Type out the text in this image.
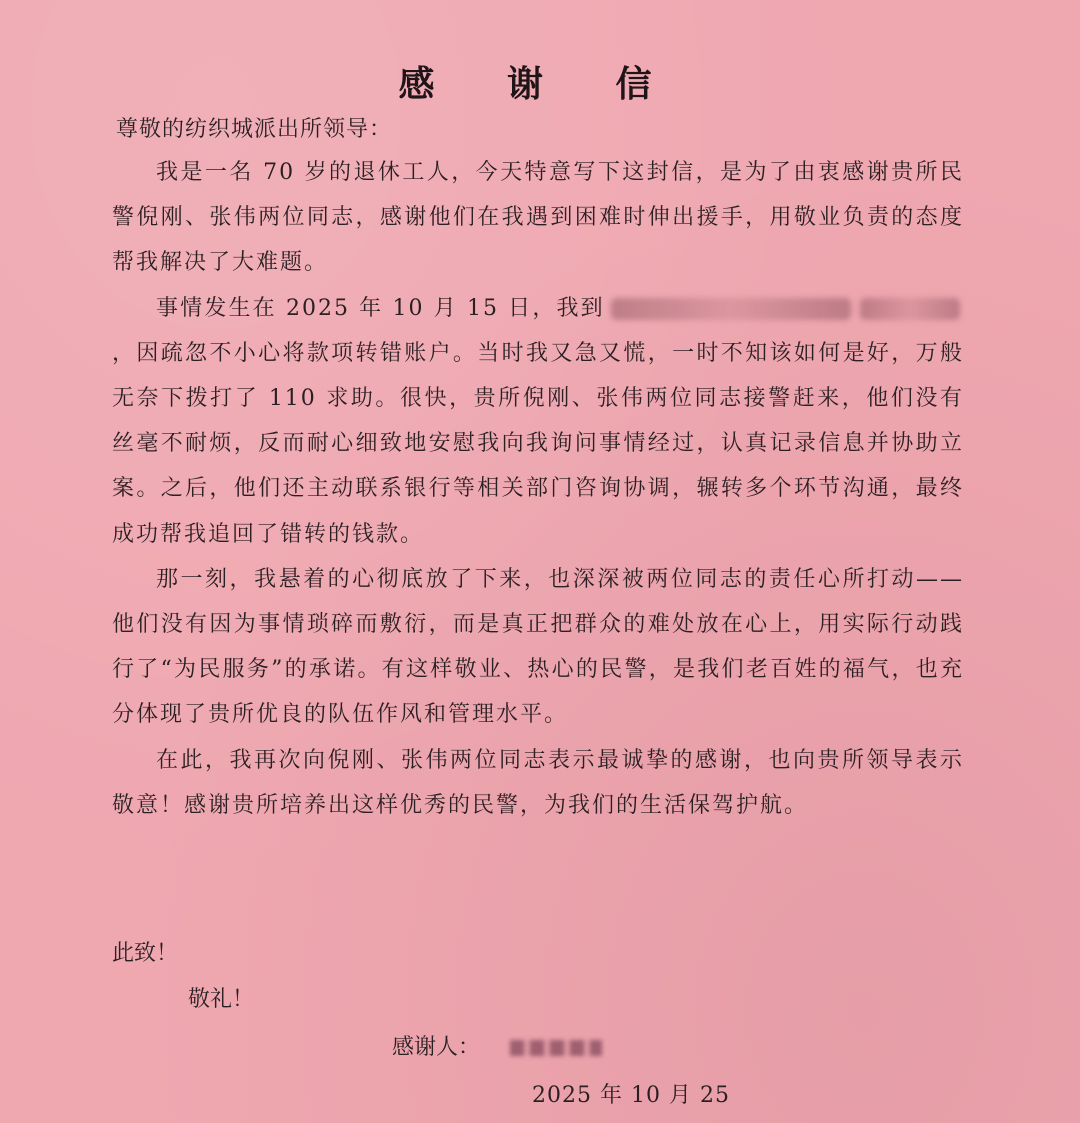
感 谢 信
尊敬的纺织城派出所领导：

我是一名 70 岁的退休工人，今天特意写下这封信，是为了由衷感谢贵所民警倪刚、张伟两位同志，感谢他们在我遇到困难时伸出援手，用敬业负责的态度帮我解决了大难题。

事情发生在 2025 年 10 月 15 日，我到 ，因疏忽不小心将款项转错账户。当时我又急又慌，一时不知该如何是好，万般无奈下拨打了 110 求助。很快，贵所倪刚、张伟两位同志接警赶来，他们没有丝毫不耐烦，反而耐心细致地安慰我向我询问事情经过，认真记录信息并协助立案。之后，他们还主动联系银行等相关部门咨询协调，辗转多个环节沟通，最终成功帮我追回了错转的钱款。

那一刻，我悬着的心彻底放了下来，也深深被两位同志的责任心所打动——他们没有因为事情琐碎而敷衍，而是真正把群众的难处放在心上，用实际行动践行了“为民服务”的承诺。有这样敬业、热心的民警，是我们老百姓的福气，也充分体现了贵所优良的队伍作风和管理水平。

在此，我再次向倪刚、张伟两位同志表示最诚挚的感谢，也向贵所领导表示敬意！感谢贵所培养出这样优秀的民警，为我们的生活保驾护航。

此致！
敬礼！
感谢人：
2025 年 10 月 25
